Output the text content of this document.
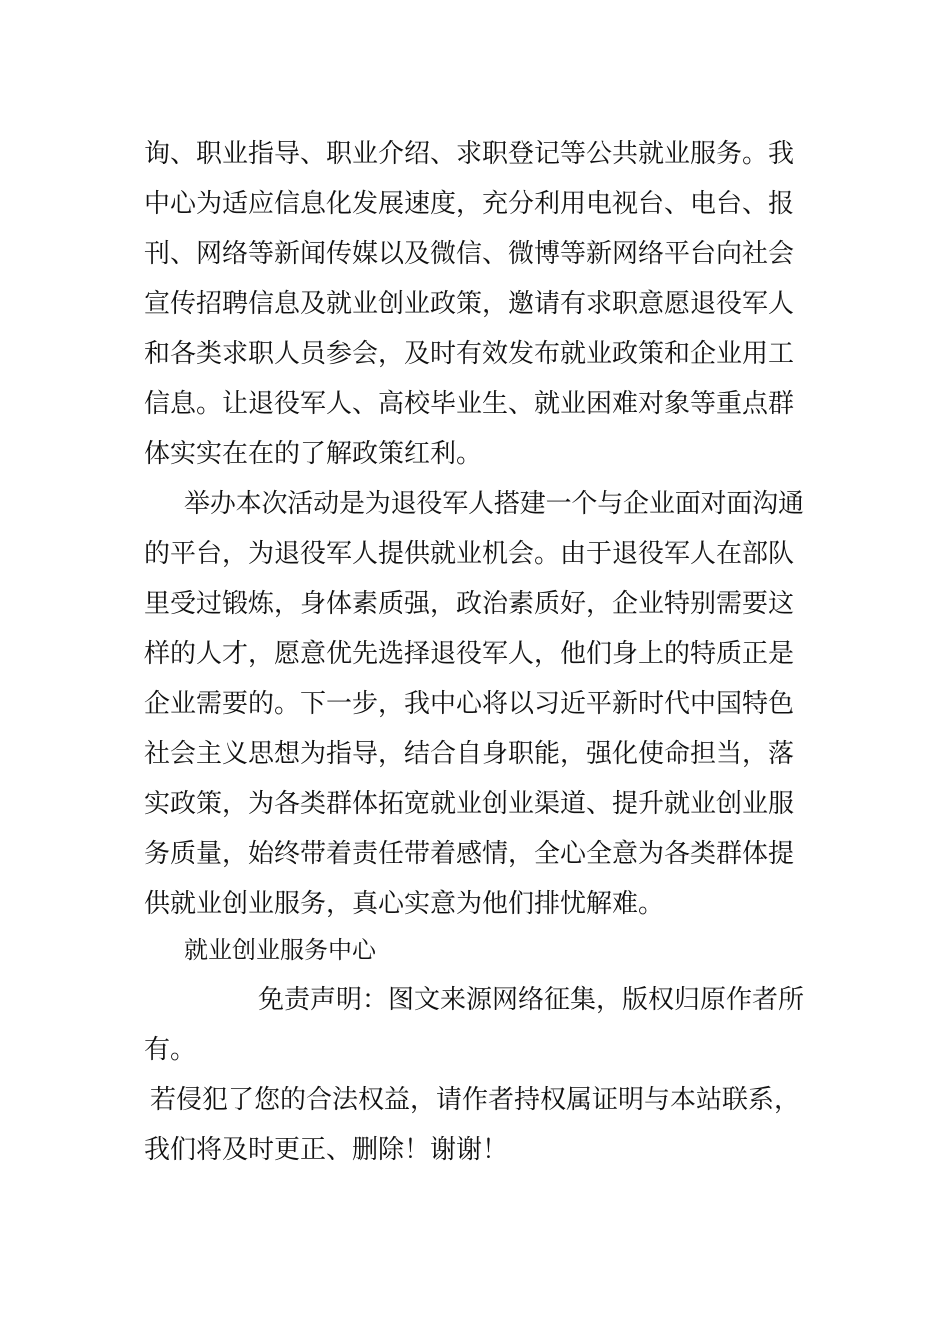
询、职业指导、职业介绍、求职登记等公共就业服务。我
中心为适应信息化发展速度，充分利用电视台、电台、报
刊、网络等新闻传媒以及微信、微博等新网络平台向社会
宣传招聘信息及就业创业政策，邀请有求职意愿退役军人
和各类求职人员参会，及时有效发布就业政策和企业用工
信息。让退役军人、高校毕业生、就业困难对象等重点群
体实实在在的了解政策红利。
举办本次活动是为退役军人搭建一个与企业面对面沟通
的平台，为退役军人提供就业机会。由于退役军人在部队
里受过锻炼，身体素质强，政治素质好，企业特别需要这
样的人才，愿意优先选择退役军人，他们身上的特质正是
企业需要的。下一步，我中心将以习近平新时代中国特色
社会主义思想为指导，结合自身职能，强化使命担当，落
实政策，为各类群体拓宽就业创业渠道、提升就业创业服
务质量，始终带着责任带着感情，全心全意为各类群体提
供就业创业服务，真心实意为他们排忧解难。
就业创业服务中心
免责声明：图文来源网络征集，版权归原作者所
有。
若侵犯了您的合法权益，请作者持权属证明与本站联系，
我们将及时更正、删除！谢谢！
